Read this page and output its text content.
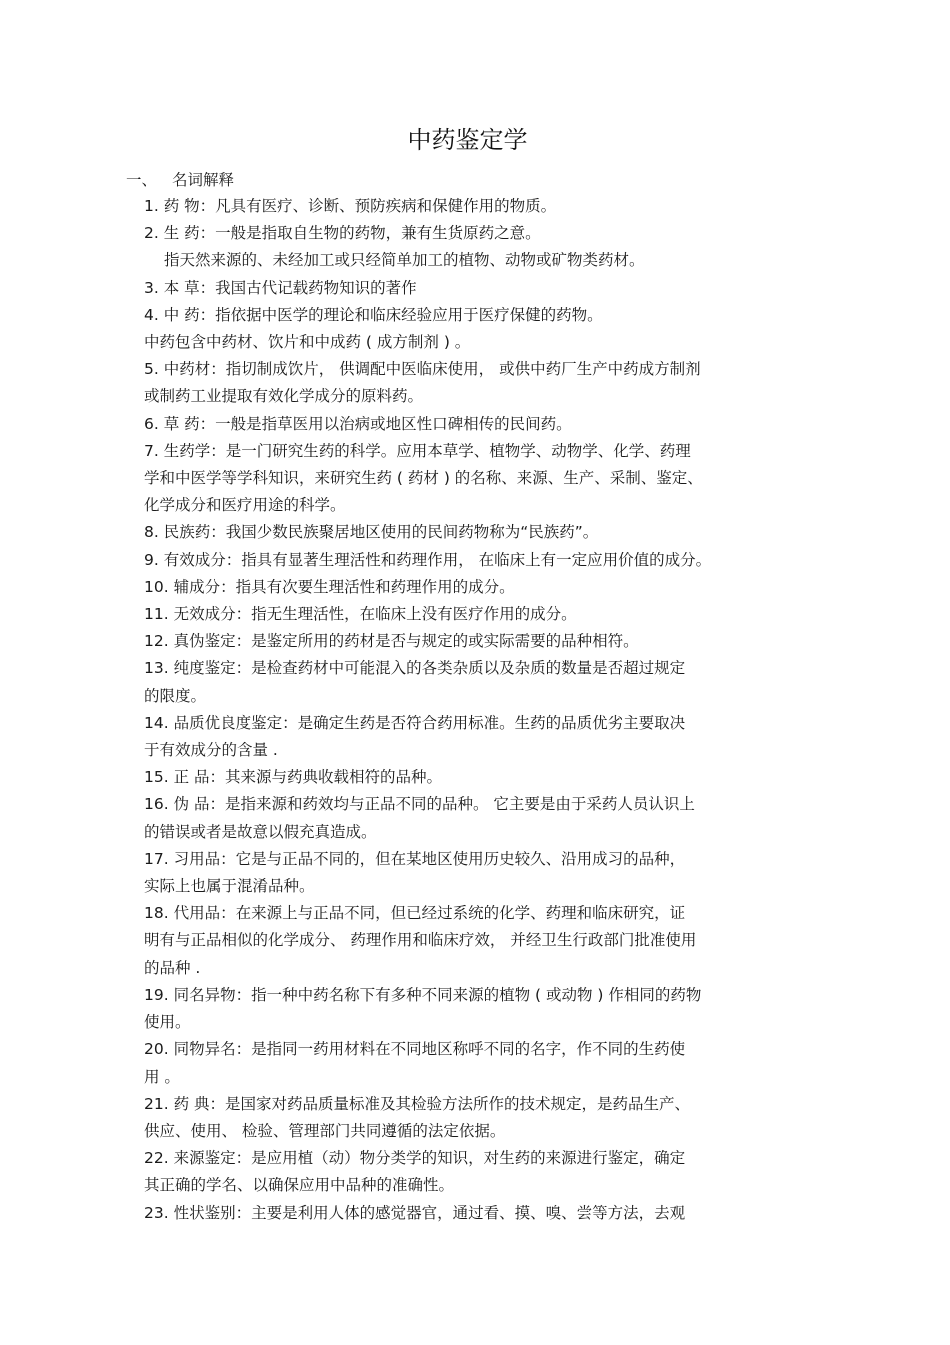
中药鉴定学
一、 名词解释
1. 药 物：凡具有医疗、诊断、预防疾病和保健作用的物质。
2. 生 药：一般是指取自生物的药物，兼有生货原药之意。
指天然来源的、未经加工或只经简单加工的植物、动物或矿物类药材。
3. 本 草：我国古代记载药物知识的著作
4. 中 药：指依据中医学的理论和临床经验应用于医疗保健的药物。
中药包含中药材、饮片和中成药 ( 成方制剂 ) 。
5. 中药材：指切制成饮片， 供调配中医临床使用， 或供中药厂生产中药成方制剂
或制药工业提取有效化学成分的原料药。
6. 草 药：一般是指草医用以治病或地区性口碑相传的民间药。
7. 生药学：是一门研究生药的科学。应用本草学、植物学、动物学、化学、药理
学和中医学等学科知识，来研究生药 ( 药材 ) 的名称、来源、生产、采制、鉴定、
化学成分和医疗用途的科学。
8. 民族药：我国少数民族聚居地区使用的民间药物称为“民族药”。
9. 有效成分：指具有显著生理活性和药理作用， 在临床上有一定应用价值的成分。
10. 辅成分：指具有次要生理活性和药理作用的成分。
11. 无效成分：指无生理活性，在临床上没有医疗作用的成分。
12. 真伪鉴定：是鉴定所用的药材是否与规定的或实际需要的品种相符。
13. 纯度鉴定：是检查药材中可能混入的各类杂质以及杂质的数量是否超过规定
的限度。
14. 品质优良度鉴定：是确定生药是否符合药用标准。生药的品质优劣主要取决
于有效成分的含量 .
15. 正 品：其来源与药典收载相符的品种。
16. 伪 品：是指来源和药效均与正品不同的品种。 它主要是由于采药人员认识上
的错误或者是故意以假充真造成。
17. 习用品：它是与正品不同的，但在某地区使用历史较久、沿用成习的品种，
实际上也属于混淆品种。
18. 代用品：在来源上与正品不同，但已经过系统的化学、药理和临床研究，证
明有与正品相似的化学成分、 药理作用和临床疗效， 并经卫生行政部门批准使用
的品种 .
19. 同名异物：指一种中药名称下有多种不同来源的植物 ( 或动物 ) 作相同的药物
使用。
20. 同物异名：是指同一药用材料在不同地区称呼不同的名字，作不同的生药使
用 。
21. 药 典：是国家对药品质量标准及其检验方法所作的技术规定，是药品生产、
供应、使用、 检验、管理部门共同遵循的法定依据。
22. 来源鉴定：是应用植（动）物分类学的知识，对生药的来源进行鉴定，确定
其正确的学名、以确保应用中品种的准确性。
23. 性状鉴别：主要是利用人体的感觉器官，通过看、摸、嗅、尝等方法，去观
